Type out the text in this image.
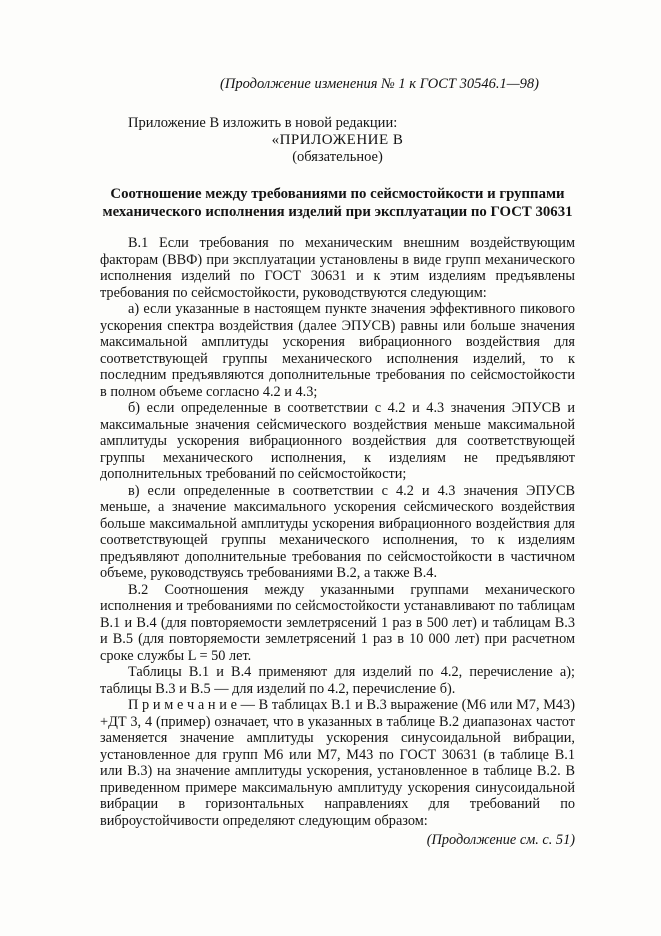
(Продолжение изменения № 1 к ГОСТ 30546.1—98)

Приложение В изложить в новой редакции:

«ПРИЛОЖЕНИЕ В
(обязательное)
Соотношение между требованиями по сейсмостойкости и группами механического исполнения изделий при эксплуатации по ГОСТ 30631

В.1 Если требования по механическим внешним воздействующим факторам (ВВФ) при эксплуатации установлены в виде групп механического исполнения изделий по ГОСТ 30631 и к этим изделиям предъявлены требования по сейсмостойкости, руководствуются следующим:

а) если указанные в настоящем пункте значения эффективного пикового ускорения спектра воздействия (далее ЭПУСВ) равны или больше значения максимальной амплитуды ускорения вибрационного воздействия для соответствующей группы механического исполнения изделий, то к последним предъявляются дополнительные требования по сейсмостойкости в полном объеме согласно 4.2 и 4.3;

б) если определенные в соответствии с 4.2 и 4.3 значения ЭПУСВ и максимальные значения сейсмического воздействия меньше максимальной амплитуды ускорения вибрационного воздействия для соответствующей группы механического исполнения, к изделиям не предъявляют дополнительных требований по сейсмостойкости;

в) если определенные в соответствии с 4.2 и 4.3 значения ЭПУСВ меньше, а значение максимального ускорения сейсмического воздействия больше максимальной амплитуды ускорения вибрационного воздействия для соответствующей группы механического исполнения, то к изделиям предъявляют дополнительные требования по сейсмостойкости в частичном объеме, руководствуясь требованиями В.2, а также В.4.

В.2 Соотношения между указанными группами механического исполнения и требованиями по сейсмостойкости устанавливают по таблицам В.1 и В.4 (для повторяемости землетрясений 1 раз в 500 лет) и таблицам В.3 и В.5 (для повторяемости землетрясений 1 раз в 10 000 лет) при расчетном сроке службы L = 50 лет.

Таблицы В.1 и В.4 применяют для изделий по 4.2, перечисление а); таблицы В.3 и В.5 — для изделий по 4.2, перечисление б).

П р и м е ч а н и е — В таблицах В.1 и В.3 выражение (М6 или М7, М43) +ДТ 3, 4 (пример) означает, что в указанных в таблице В.2 диапазонах частот заменяется значение амплитуды ускорения синусоидальной вибрации, установленное для групп М6 или М7, М43 по ГОСТ 30631 (в таблице В.1 или В.3) на значение амплитуды ускорения, установленное в таблице В.2. В приведенном примере максимальную амплитуду ускорения синусоидальной вибрации в горизонтальных направлениях для требований по виброустойчивости определяют следующим образом:

(Продолжение см. с. 51)
